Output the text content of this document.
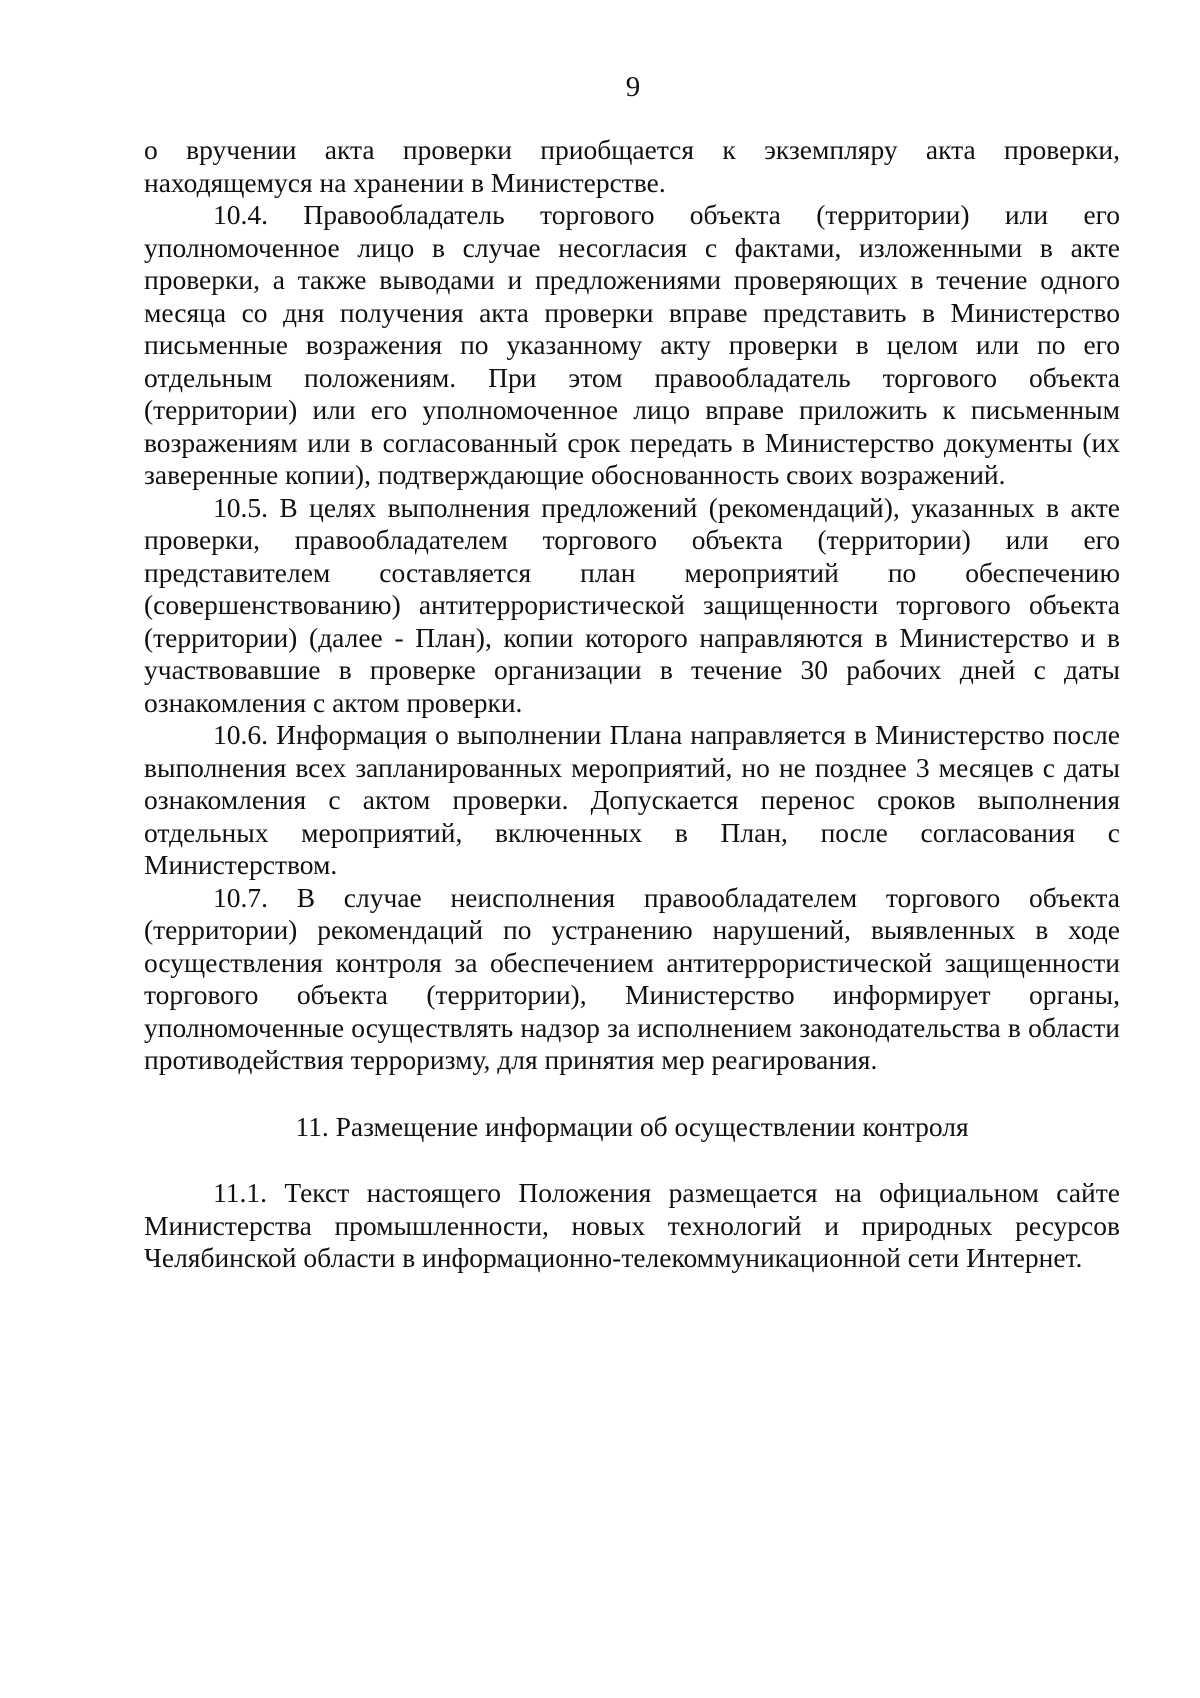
9

о вручении акта проверки приобщается к экземпляру акта проверки, находящемуся на хранении в Министерстве.

10.4. Правообладатель торгового объекта (территории) или его уполномоченное лицо в случае несогласия с фактами, изложенными в акте проверки, а также выводами и предложениями проверяющих в течение одного месяца со дня получения акта проверки вправе представить в Министерство письменные возражения по указанному акту проверки в целом или по его отдельным положениям. При этом правообладатель торгового объекта (территории) или его уполномоченное лицо вправе приложить к письменным возражениям или в согласованный срок передать в Министерство документы (их заверенные копии), подтверждающие обоснованность своих возражений.

10.5. В целях выполнения предложений (рекомендаций), указанных в акте проверки, правообладателем торгового объекта (территории) или его представителем составляется план мероприятий по обеспечению (совершенствованию) антитеррористической защищенности торгового объекта (территории) (далее - План), копии которого направляются в Министерство и в участвовавшие в проверке организации в течение 30 рабочих дней с даты ознакомления с актом проверки.

10.6. Информация о выполнении Плана направляется в Министерство после выполнения всех запланированных мероприятий, но не позднее 3 месяцев с даты ознакомления с актом проверки. Допускается перенос сроков выполнения отдельных мероприятий, включенных в План, после согласования с Министерством.

10.7. В случае неисполнения правообладателем торгового объекта (территории) рекомендаций по устранению нарушений, выявленных в ходе осуществления контроля за обеспечением антитеррористической защищенности торгового объекта (территории), Министерство информирует органы, уполномоченные осуществлять надзор за исполнением законодательства в области противодействия терроризму, для принятия мер реагирования.

11. Размещение информации об осуществлении контроля

11.1. Текст настоящего Положения размещается на официальном сайте Министерства промышленности, новых технологий и природных ресурсов Челябинской области в информационно-телекоммуникационной сети Интернет.
